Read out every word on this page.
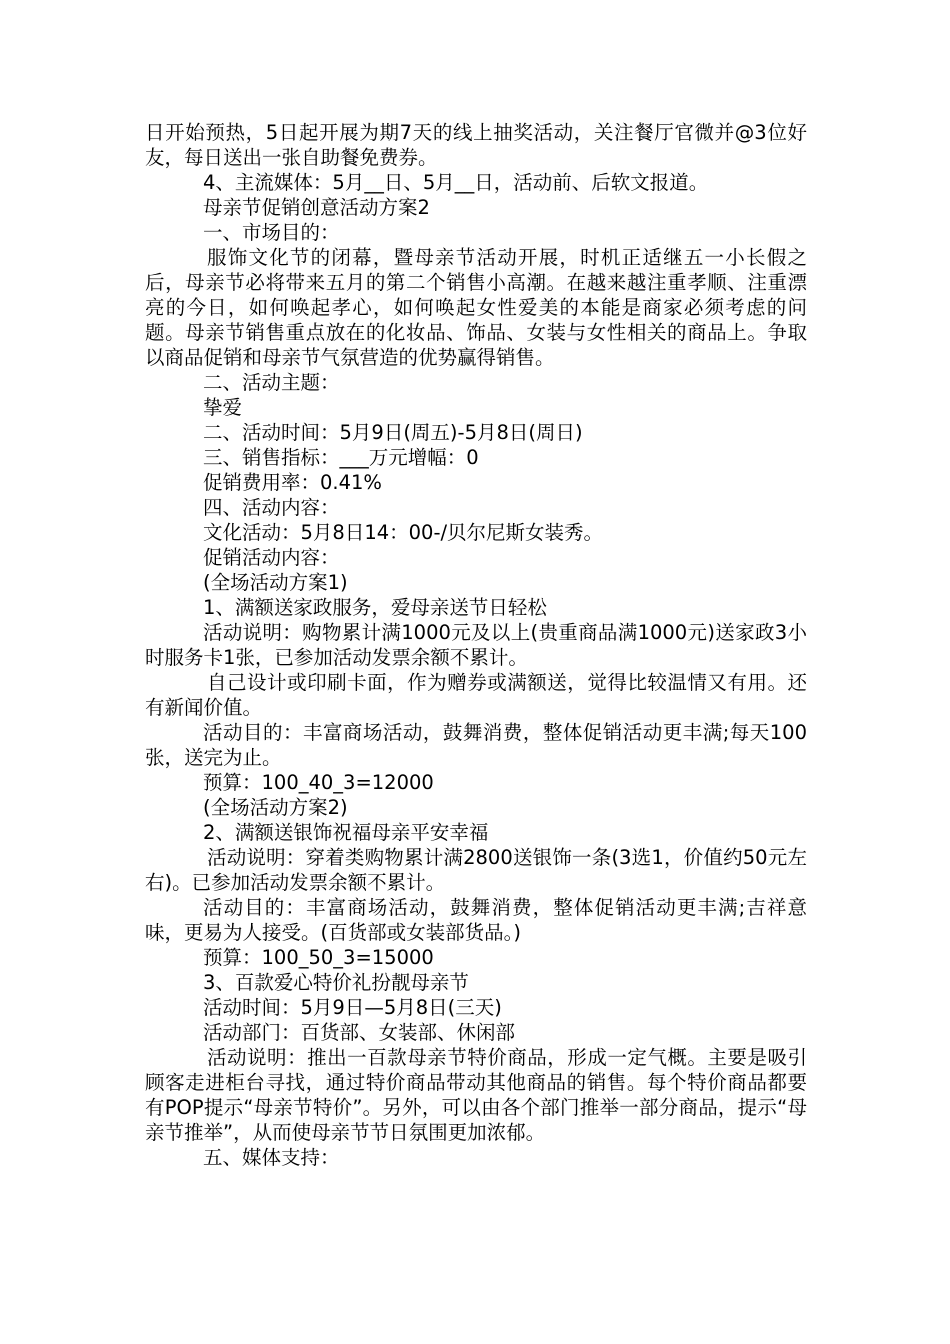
日开始预热，5日起开展为期7天的线上抽奖活动，关注餐厅官微并@3位好友，每日送出一张自助餐免费券。

4、主流媒体：5月__日、5月__日，活动前、后软文报道。

母亲节促销创意活动方案2

一、市场目的：

服饰文化节的闭幕，暨母亲节活动开展，时机正适继五一小长假之后，母亲节必将带来五月的第二个销售小高潮。在越来越注重孝顺、注重漂亮的今日，如何唤起孝心，如何唤起女性爱美的本能是商家必须考虑的问题。母亲节销售重点放在的化妆品、饰品、女装与女性相关的商品上。争取以商品促销和母亲节气氛营造的优势赢得销售。

二、活动主题：

挚爱

二、活动时间：5月9日(周五)-5月8日(周日)

三、销售指标：___万元增幅：0

促销费用率：0.41%

四、活动内容：

文化活动：5月8日14：00-/贝尔尼斯女装秀。

促销活动内容：

(全场活动方案1)

1、满额送家政服务，爱母亲送节日轻松

活动说明：购物累计满1000元及以上(贵重商品满1000元)送家政3小时服务卡1张，已参加活动发票余额不累计。

自己设计或印刷卡面，作为赠券或满额送，觉得比较温情又有用。还有新闻价值。

活动目的：丰富商场活动，鼓舞消费，整体促销活动更丰满;每天100张，送完为止。

预算：100_40_3=12000

(全场活动方案2)

2、满额送银饰祝福母亲平安幸福

活动说明：穿着类购物累计满2800送银饰一条(3选1，价值约50元左右)。已参加活动发票余额不累计。

活动目的：丰富商场活动，鼓舞消费，整体促销活动更丰满;吉祥意味，更易为人接受。(百货部或女装部货品。)

预算：100_50_3=15000

3、百款爱心特价礼扮靓母亲节

活动时间：5月9日—5月8日(三天)

活动部门：百货部、女装部、休闲部

活动说明：推出一百款母亲节特价商品，形成一定气概。主要是吸引顾客走进柜台寻找，通过特价商品带动其他商品的销售。每个特价商品都要有POP提示“母亲节特价”。另外，可以由各个部门推举一部分商品，提示“母亲节推举”，从而使母亲节节日氛围更加浓郁。

五、媒体支持：
